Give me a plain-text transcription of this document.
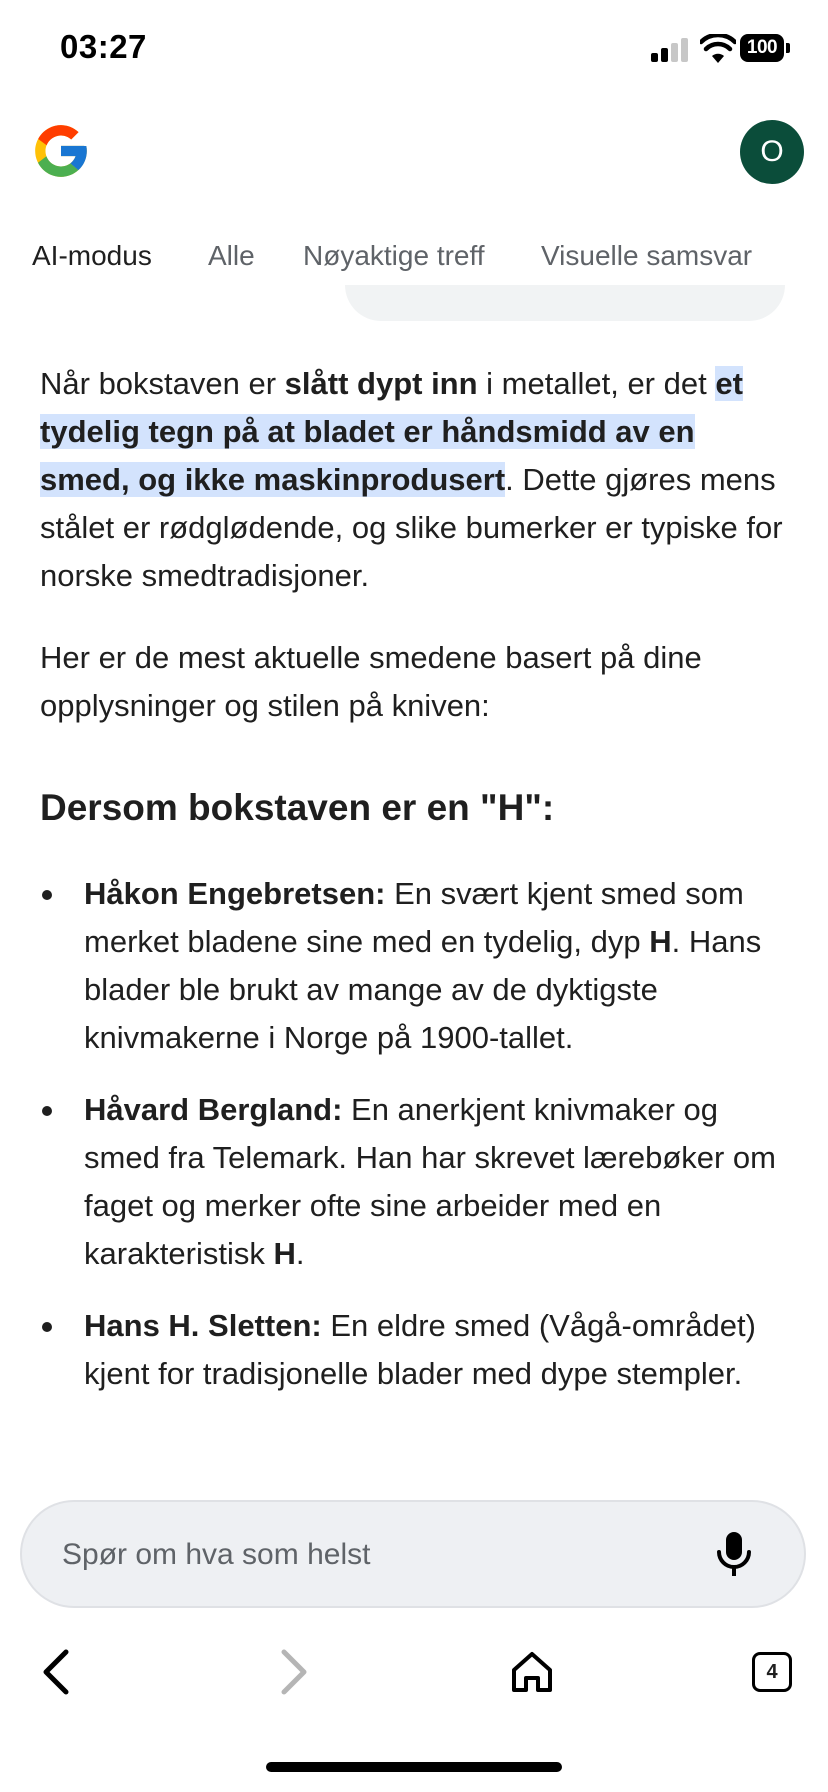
03:27	100
O
AI-modus Alle Nøyaktige treff Visuelle samsvar

Når bokstaven er slått dypt inn i metallet, er det et tydelig tegn på at bladet er håndsmidd av en smed, og ikke maskinprodusert. Dette gjøres mens stålet er rødglødende, og slike bumerker er typiske for norske smedtradisjoner.

Her er de mest aktuelle smedene basert på dine opplysninger og stilen på kniven:

Dersom bokstaven er en "H":
Håkon Engebretsen: En svært kjent smed som merket bladene sine med en tydelig, dyp H. Hans blader ble brukt av mange av de dyktigste knivmakerne i Norge på 1900-tallet.
Håvard Bergland: En anerkjent knivmaker og smed fra Telemark. Han har skrevet lærebøker om faget og merker ofte sine arbeider med en karakteristisk H.
Hans H. Sletten: En eldre smed (Vågå-området) kjent for tradisjonelle blader med dype stempler.
Spør om hva som helst
4
